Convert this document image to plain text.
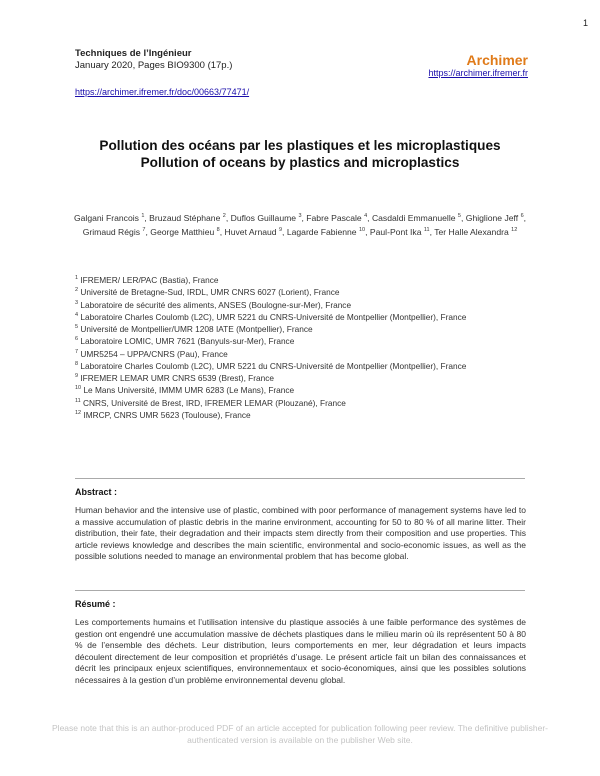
1
Techniques de l’Ingénieur
January 2020, Pages BIO9300 (17p.)
https://archimer.ifremer.fr/doc/00663/77471/
Archimer
https://archimer.ifremer.fr
Pollution des océans par les plastiques et les microplastiques
Pollution of oceans by plastics and microplastics
Galgani Francois $^1$, Bruzaud Stéphane $^2$, Duflos Guillaume $^3$, Fabre Pascale $^4$, Casdaldi Emmanuelle $^5$, Ghiglione Jeff $^6$, Grimaud Régis $^7$, George Matthieu $^8$, Huvet Arnaud $^9$, Lagarde Fabienne $^{10}$, Paul-Pont Ika $^{11}$, Ter Halle Alexandra $^{12}$
$^1$ IFREMER/ LER/PAC (Bastia), France
$^2$ Université de Bretagne-Sud, IRDL, UMR CNRS 6027 (Lorient), France
$^3$ Laboratoire de sécurité des aliments, ANSES (Boulogne-sur-Mer), France
$^4$ Laboratoire Charles Coulomb (L2C), UMR 5221 du CNRS-Université de Montpellier (Montpellier), France
$^5$ Université de Montpellier/UMR 1208 IATE (Montpellier), France
$^6$ Laboratoire LOMIC, UMR 7621 (Banyuls-sur-Mer), France
$^7$ UMR5254 – UPPA/CNRS (Pau), France
$^8$ Laboratoire Charles Coulomb (L2C), UMR 5221 du CNRS-Université de Montpellier (Montpellier), France
$^9$ IFREMER LEMAR UMR CNRS 6539 (Brest), France
$^{10}$ Le Mans Université, IMMM UMR 6283 (Le Mans), France
$^{11}$ CNRS, Université de Brest, IRD, IFREMER LEMAR (Plouzané), France
$^{12}$ IMRCP, CNRS UMR 5623 (Toulouse), France
Abstract :
Human behavior and the intensive use of plastic, combined with poor performance of management systems have led to a massive accumulation of plastic debris in the marine environment, accounting for 50 to 80 % of all marine litter. Their distribution, their fate, their degradation and their impacts stem directly from their composition and use properties. This article reviews knowledge and describes the main scientific, environmental and socio-economic issues, as well as the possible solutions needed to manage an environmental problem that has become global.
Résumé :
Les comportements humains et l’utilisation intensive du plastique associés à une faible performance des systèmes de gestion ont engendré une accumulation massive de déchets plastiques dans le milieu marin où ils représentent 50 à 80 % de l’ensemble des déchets. Leur distribution, leurs comportements en mer, leur dégradation et leurs impacts découlent directement de leur composition et propriétés d’usage. Le présent article fait un bilan des connaissances et décrit les principaux enjeux scientifiques, environnementaux et socio-économiques, ainsi que les possibles solutions nécessaires à la gestion d’un problème environnemental devenu global.
Please note that this is an author-produced PDF of an article accepted for publication following peer review. The definitive publisher-authenticated version is available on the publisher Web site.
